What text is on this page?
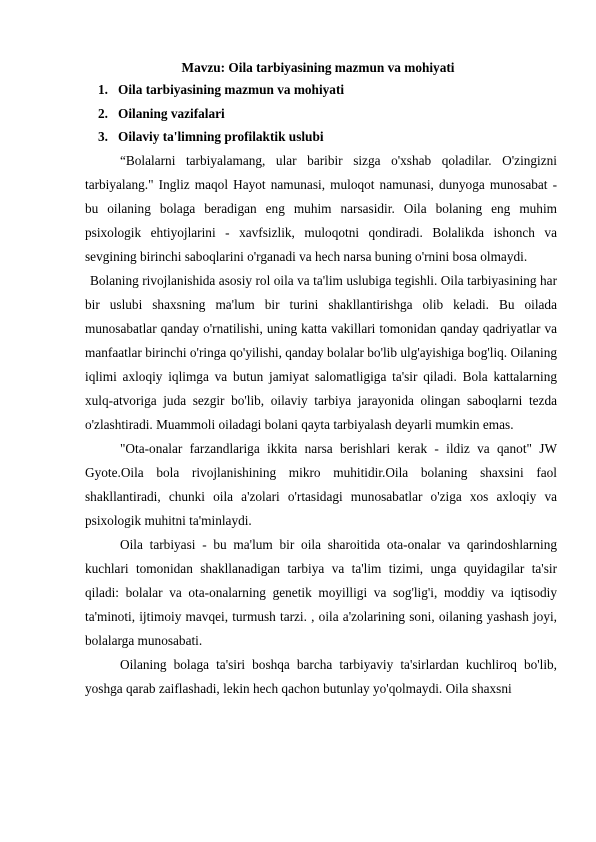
Mavzu: Oila tarbiyasining mazmun va mohiyati
1. Oila tarbiyasining mazmun va mohiyati
2. Oilaning vazifalari
3. Oilaviy ta'limning profilaktik uslubi

“Bolalarni tarbiyalamang, ular baribir sizga o'xshab qoladilar. O'zingizni tarbiyalang." Ingliz maqol Hayot namunasi, muloqot namunasi, dunyoga munosabat - bu oilaning bolaga beradigan eng muhim narsasidir. Oila bolaning eng muhim psixologik ehtiyojlarini - xavfsizlik, muloqotni qondiradi. Bolalikda ishonch va sevgining birinchi saboqlarini o'rganadi va hech narsa buning o'rnini bosa olmaydi.

Bolaning rivojlanishida asosiy rol oila va ta'lim uslubiga tegishli. Oila tarbiyasining har bir uslubi shaxsning ma'lum bir turini shakllantirishga olib keladi. Bu oilada munosabatlar qanday o'rnatilishi, uning katta vakillari tomonidan qanday qadriyatlar va manfaatlar birinchi o'ringa qo'yilishi, qanday bolalar bo'lib ulg'ayishiga bog'liq. Oilaning iqlimi axloqiy iqlimga va butun jamiyat salomatligiga ta'sir qiladi. Bola kattalarning xulq-atvoriga juda sezgir bo'lib, oilaviy tarbiya jarayonida olingan saboqlarni tezda o'zlashtiradi. Muammoli oiladagi bolani qayta tarbiyalash deyarli mumkin emas.

"Ota-onalar farzandlariga ikkita narsa berishlari kerak - ildiz va qanot" JW Gyote.Oila bola rivojlanishining mikro muhitidir.Oila bolaning shaxsini faol shakllantiradi, chunki oila a'zolari o'rtasidagi munosabatlar o'ziga xos axloqiy va psixologik muhitni ta'minlaydi.

Oila tarbiyasi - bu ma'lum bir oila sharoitida ota-onalar va qarindoshlarning kuchlari tomonidan shakllanadigan tarbiya va ta'lim tizimi, unga quyidagilar ta'sir qiladi: bolalar va ota-onalarning genetik moyilligi va sog'lig'i, moddiy va iqtisodiy ta'minoti, ijtimoiy mavqei, turmush tarzi. , oila a'zolarining soni, oilaning yashash joyi, bolalarga munosabati.

Oilaning bolaga ta'siri boshqa barcha tarbiyaviy ta'sirlardan kuchliroq bo'lib, yoshga qarab zaiflashadi, lekin hech qachon butunlay yo'qolmaydi. Oila shaxsni
